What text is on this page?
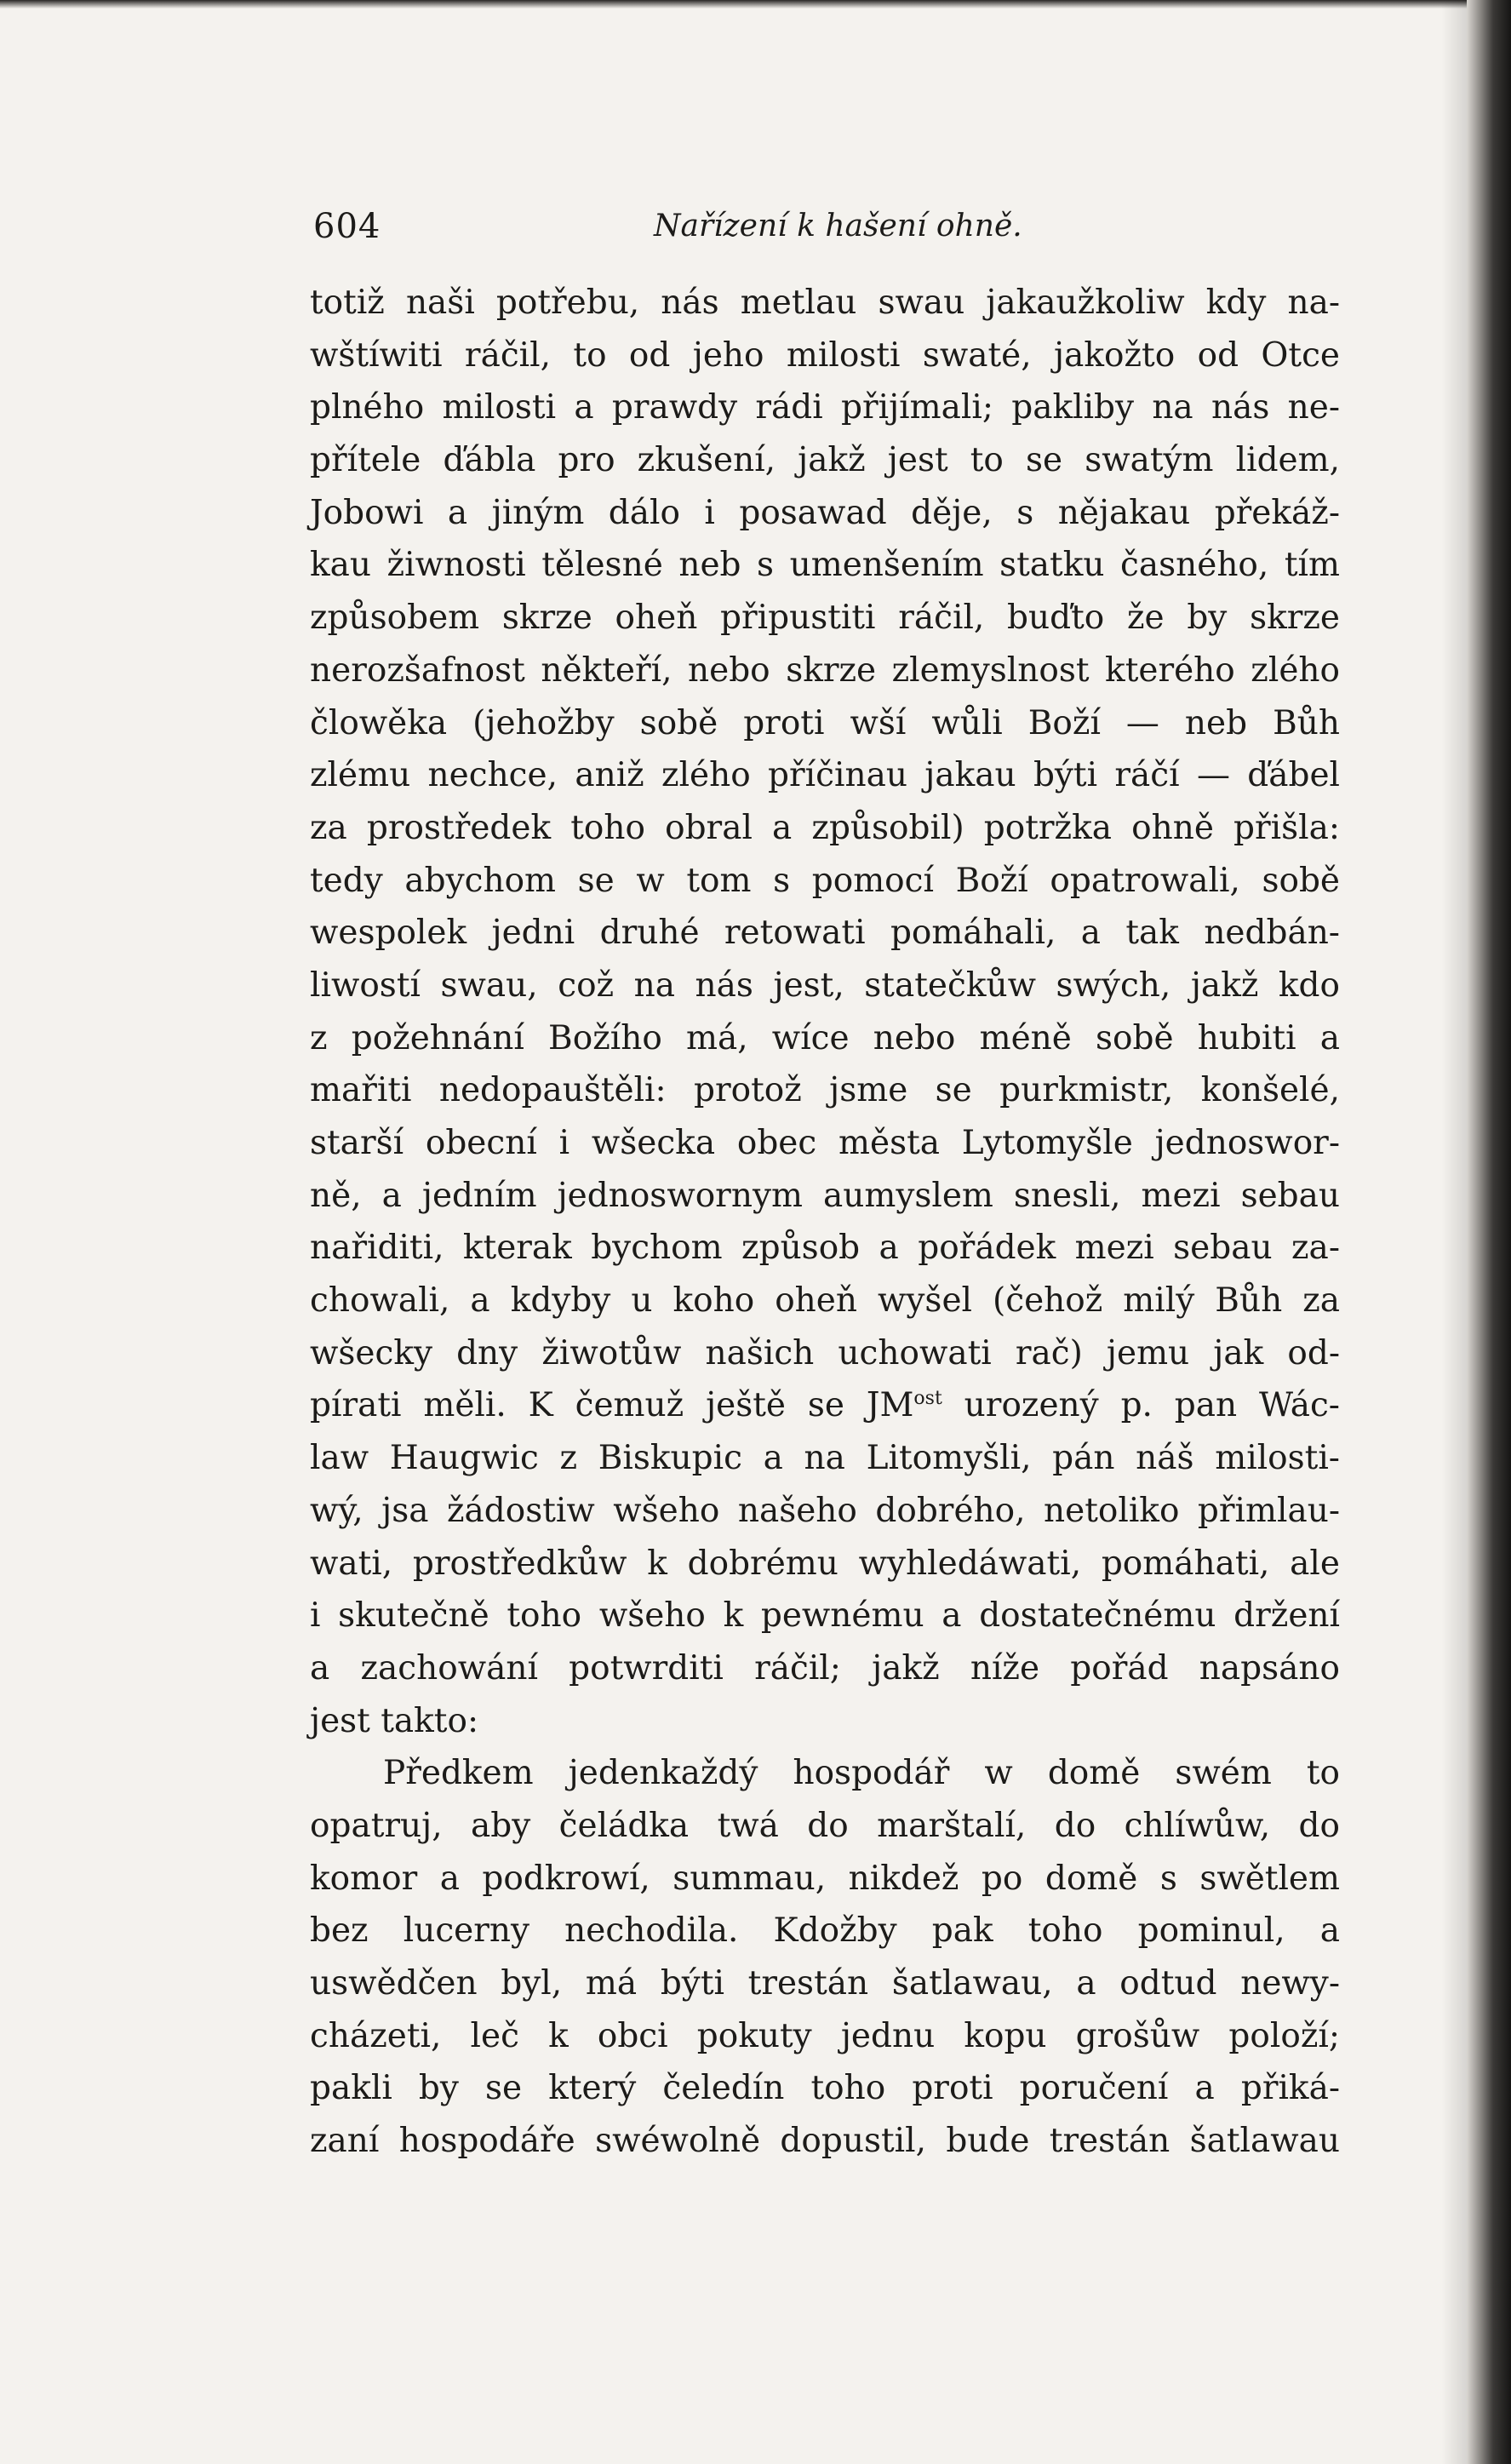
604	Nařízení k hašení ohně.
totiž naši potřebu, nás metlau swau jakaužkoliw kdy na-
wštíwiti ráčil, to od jeho milosti swaté, jakožto od Otce
plného milosti a prawdy rádi přijímali; pakliby na nás ne-
přítele ďábla pro zkušení, jakž jest to se swatým lidem,
Jobowi a jiným dálo i posawad děje, s nějakau překáž-
kau žiwnosti tělesné neb s umenšením statku časného, tím
způsobem skrze oheň připustiti ráčil, buďto že by skrze
nerozšafnost někteří, nebo skrze zlemyslnost kterého zlého
člowěka (jehožby sobě proti wší wůli Boží — neb Bůh
zlému nechce, aniž zlého příčinau jakau býti ráčí — ďábel
za prostředek toho obral a způsobil) potržka ohně přišla:
tedy abychom se w tom s pomocí Boží opatrowali, sobě
wespolek jedni druhé retowati pomáhali, a tak nedbán-
liwostí swau, což na nás jest, statečkůw swých, jakž kdo
z požehnání Božího má, wíce nebo méně sobě hubiti a
mařiti nedopauštěli: protož jsme se purkmistr, konšelé,
starší obecní i wšecka obec města Lytomyšle jednoswor-
ně, a jedním jednoswornym aumyslem snesli, mezi sebau
nařiditi, kterak bychom způsob a pořádek mezi sebau za-
chowali, a kdyby u koho oheň wyšel (čehož milý Bůh za
wšecky dny žiwotůw našich uchowati rač) jemu jak od-
pírati měli. K čemuž ještě se $JM^{ost}$ urozený p. pan Wác-
law Haugwic z Biskupic a na Litomyšli, pán náš milosti-
wý, jsa žádostiw wšeho našeho dobrého, netoliko přimlau-
wati, prostředkůw k dobrému wyhledáwati, pomáhati, ale
i skutečně toho wšeho k pewnému a dostatečnému držení
a zachowání potwrditi ráčil; jakž níže pořád napsáno
jest takto:
Předkem jedenkaždý hospodář w domě swém to
opatruj, aby čeládka twá do marštalí, do chlíwůw, do
komor a podkrowí, summau, nikdež po domě s swětlem
bez lucerny nechodila. Kdožby pak toho pominul, a
uswědčen byl, má býti trestán šatlawau, a odtud newy-
cházeti, leč k obci pokuty jednu kopu grošůw položí;
pakli by se který čeledín toho proti poručení a přiká-
zaní hospodáře swéwolně dopustil, bude trestán šatlawau
